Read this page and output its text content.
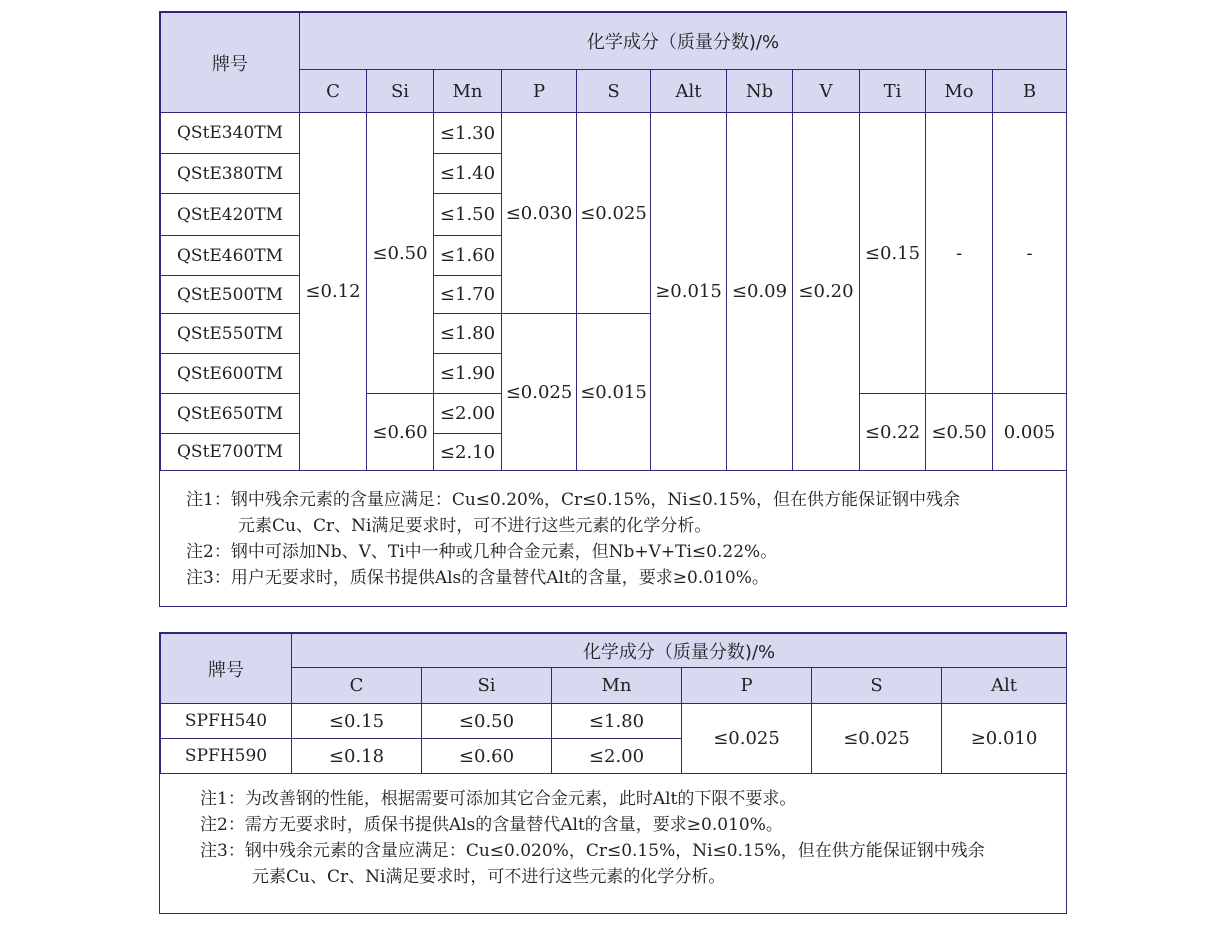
牌号	化学成分（质量分数)/%										
	C	Si	Mn	P	S	Alt	Nb	V	Ti	Mo	B
QStE340TM	≤0.12	≤0.50	≤1.30	≤0.030	≤0.025	≥0.015	≤0.09	≤0.20	≤0.15	-	-
QStE380TM			≤1.40								
QStE420TM			≤1.50								
QStE460TM			≤1.60								
QStE500TM			≤1.70								
QStE550TM			≤1.80	≤0.025	≤0.015						
QStE600TM			≤1.90								
QStE650TM		≤0.60	≤2.00						≤0.22	≤0.50	0.005
QStE700TM			≤2.10								
注1：钢中残余元素的含量应满足：Cu≤0.20%，Cr≤0.15%，Ni≤0.15%，但在供方能保证钢中残余
元素Cu、Cr、Ni满足要求时，可不进行这些元素的化学分析。
注2：钢中可添加Nb、V、Ti中一种或几种合金元素，但Nb+V+Ti≤0.22%。
注3：用户无要求时，质保书提供Als的含量替代Alt的含量，要求≥0.010%。
牌号	化学成分（质量分数)/%					
	C	Si	Mn	P	S	Alt
SPFH540	≤0.15	≤0.50	≤1.80	≤0.025	≤0.025	≥0.010
SPFH590	≤0.18	≤0.60	≤2.00			
注1：为改善钢的性能，根据需要可添加其它合金元素，此时Alt的下限不要求。
注2：需方无要求时，质保书提供Als的含量替代Alt的含量，要求≥0.010%。
注3：钢中残余元素的含量应满足：Cu≤0.020%，Cr≤0.15%，Ni≤0.15%，但在供方能保证钢中残余
元素Cu、Cr、Ni满足要求时，可不进行这些元素的化学分析。
